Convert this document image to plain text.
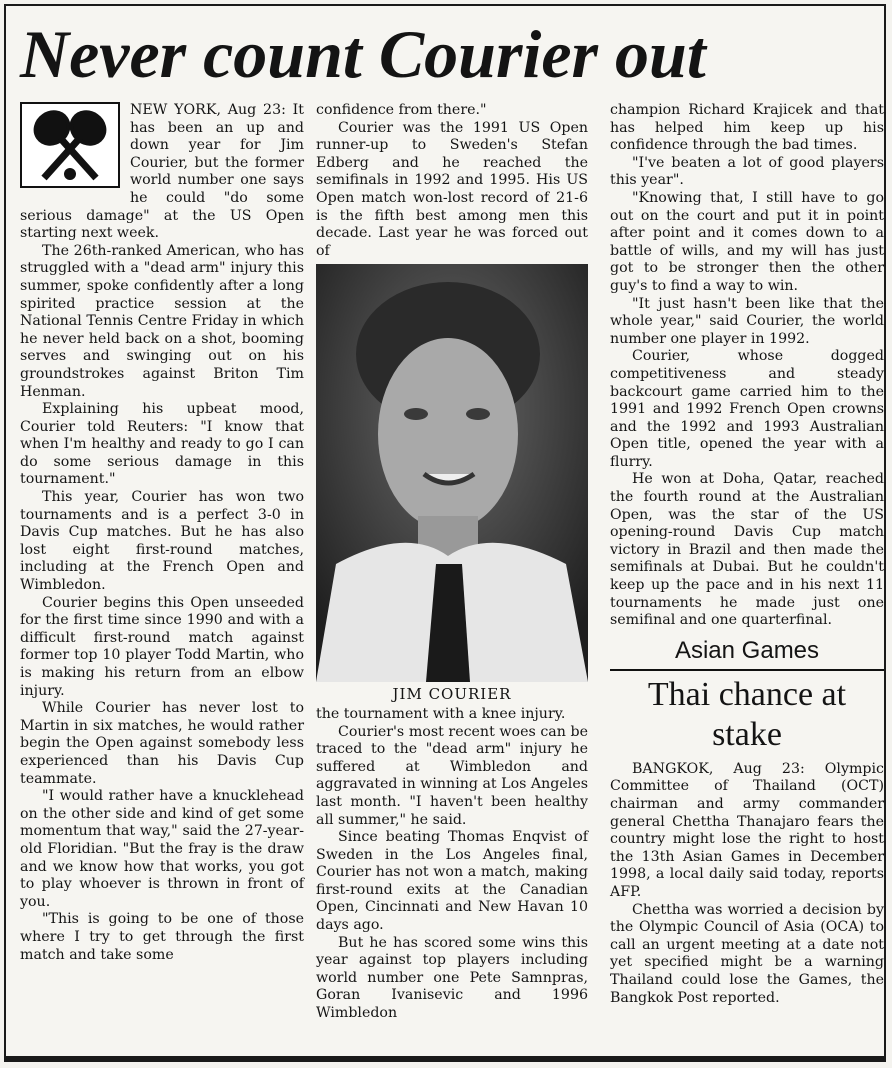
Never count Courier out

NEW YORK, Aug 23: It has been an up and down year for Jim Courier, but the former world number one says he could "do some serious damage" at the US Open starting next week.

The 26th-ranked American, who has struggled with a "dead arm" injury this summer, spoke confidently after a long spirited practice session at the National Tennis Centre Friday in which he never held back on a shot, booming serves and swinging out on his groundstrokes against Briton Tim Henman.

Explaining his upbeat mood, Courier told Reuters: "I know that when I'm healthy and ready to go I can do some serious damage in this tournament."

This year, Courier has won two tournaments and is a perfect 3-0 in Davis Cup matches. But he has also lost eight first-round matches, including at the French Open and Wimbledon.

Courier begins this Open unseeded for the first time since 1990 and with a difficult first-round match against former top 10 player Todd Martin, who is making his return from an elbow injury.

While Courier has never lost to Martin in six matches, he would rather begin the Open against somebody less experienced than his Davis Cup teammate.

"I would rather have a knucklehead on the other side and kind of get some momentum that way," said the 27-year-old Floridian. "But the fray is the draw and we know how that works, you got to play whoever is thrown in front of you.

"This is going to be one of those where I try to get through the first match and take some

confidence from there."

Courier was the 1991 US Open runner-up to Sweden's Stefan Edberg and he reached the semifinals in 1992 and 1995. His US Open match won-lost record of 21-6 is the fifth best among men this decade. Last year he was forced out of

JIM COURIER

the tournament with a knee injury.

Courier's most recent woes can be traced to the "dead arm" injury he suffered at Wimbledon and aggravated in winning at Los Angeles last month. "I haven't been healthy all summer," he said.

Since beating Thomas Enqvist of Sweden in the Los Angeles final, Courier has not won a match, making first-round exits at the Canadian Open, Cincinnati and New Havan 10 days ago.

But he has scored some wins this year against top players including world number one Pete Samnpras, Goran Ivanisevic and 1996 Wimbledon

champion Richard Krajicek and that has helped him keep up his confidence through the bad times.

"I've beaten a lot of good players this year".

"Knowing that, I still have to go out on the court and put it in point after point and it comes down to a battle of wills, and my will has just got to be stronger then the other guy's to find a way to win.

"It just hasn't been like that the whole year," said Courier, the world number one player in 1992.

Courier, whose dogged competitiveness and steady backcourt game carried him to the 1991 and 1992 French Open crowns and the 1992 and 1993 Australian Open title, opened the year with a flurry.

He won at Doha, Qatar, reached the fourth round at the Australian Open, was the star of the US opening-round Davis Cup match victory in Brazil and then made the semifinals at Dubai. But he couldn't keep up the pace and in his next 11 tournaments he made just one semifinal and one quarterfinal.

Asian Games
Thai chance at stake

BANGKOK, Aug 23: Olympic Committee of Thailand (OCT) chairman and army commander general Chettha Thanajaro fears the country might lose the right to host the 13th Asian Games in December 1998, a local daily said today, reports AFP.

Chettha was worried a decision by the Olympic Council of Asia (OCA) to call an urgent meeting at a date not yet specified might be a warning Thailand could lose the Games, the Bangkok Post reported.
